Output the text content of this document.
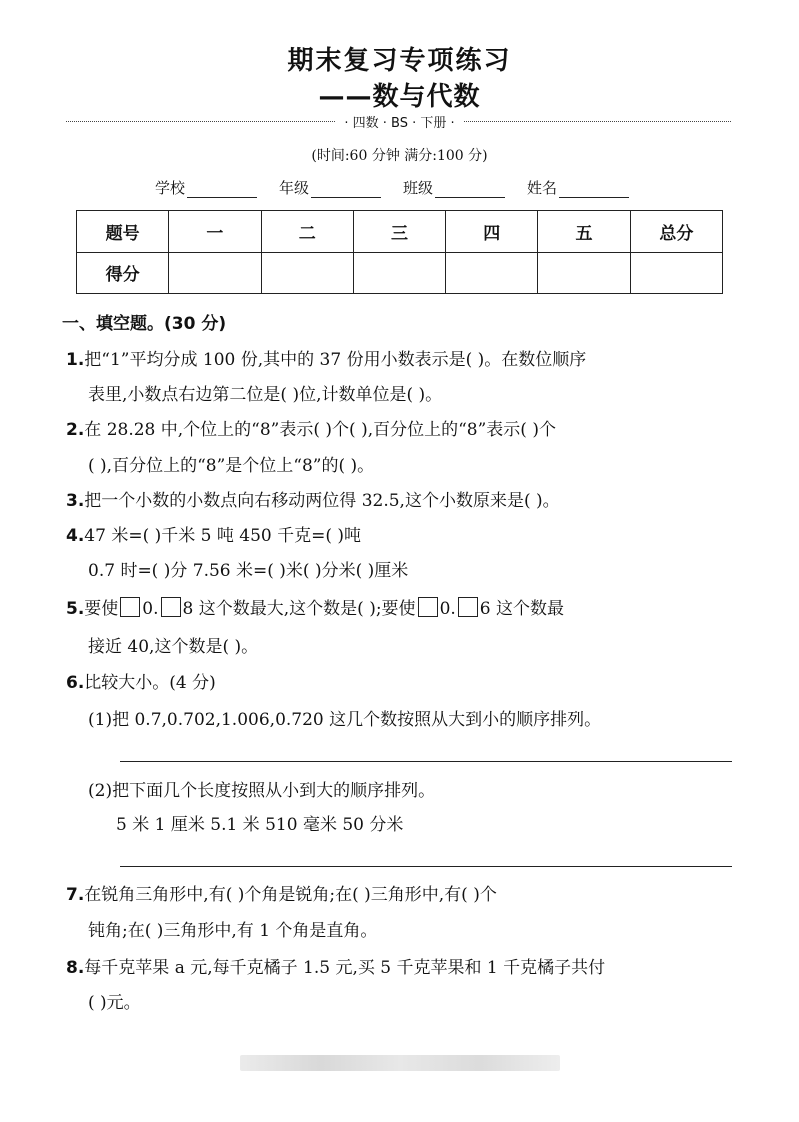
期末复习专项练习
——数与代数
· 四数 · BS · 下册 ·
(时间:60 分钟 满分:100 分)
学校	年级	班级	姓名
题号	一	二	三	四	五	总分
得分						
一、填空题。(30 分)
1.把“1”平均分成 100 份,其中的 37 份用小数表示是( )。在数位顺序
表里,小数点右边第二位是( )位,计数单位是( )。
2.在 28.28 中,个位上的“8”表示( )个( ),百分位上的“8”表示( )个
( ),百分位上的“8”是个位上“8”的( )。
3.把一个小数的小数点向右移动两位得 32.5,这个小数原来是( )。
4.47 米=( )千米 5 吨 450 千克=( )吨
0.7 时=( )分 7.56 米=( )米( )分米( )厘米
5.要使 0. 8 这个数最大,这个数是( );要使 0. 6 这个数最
接近 40,这个数是( )。
6.比较大小。(4 分)
(1)把 0.7,0.702,1.006,0.720 这几个数按照从大到小的顺序排列。
(2)把下面几个长度按照从小到大的顺序排列。
5 米 1 厘米 5.1 米 510 毫米 50 分米
7.在锐角三角形中,有( )个角是锐角;在( )三角形中,有( )个
钝角;在( )三角形中,有 1 个角是直角。
8.每千克苹果 a 元,每千克橘子 1.5 元,买 5 千克苹果和 1 千克橘子共付
( )元。
